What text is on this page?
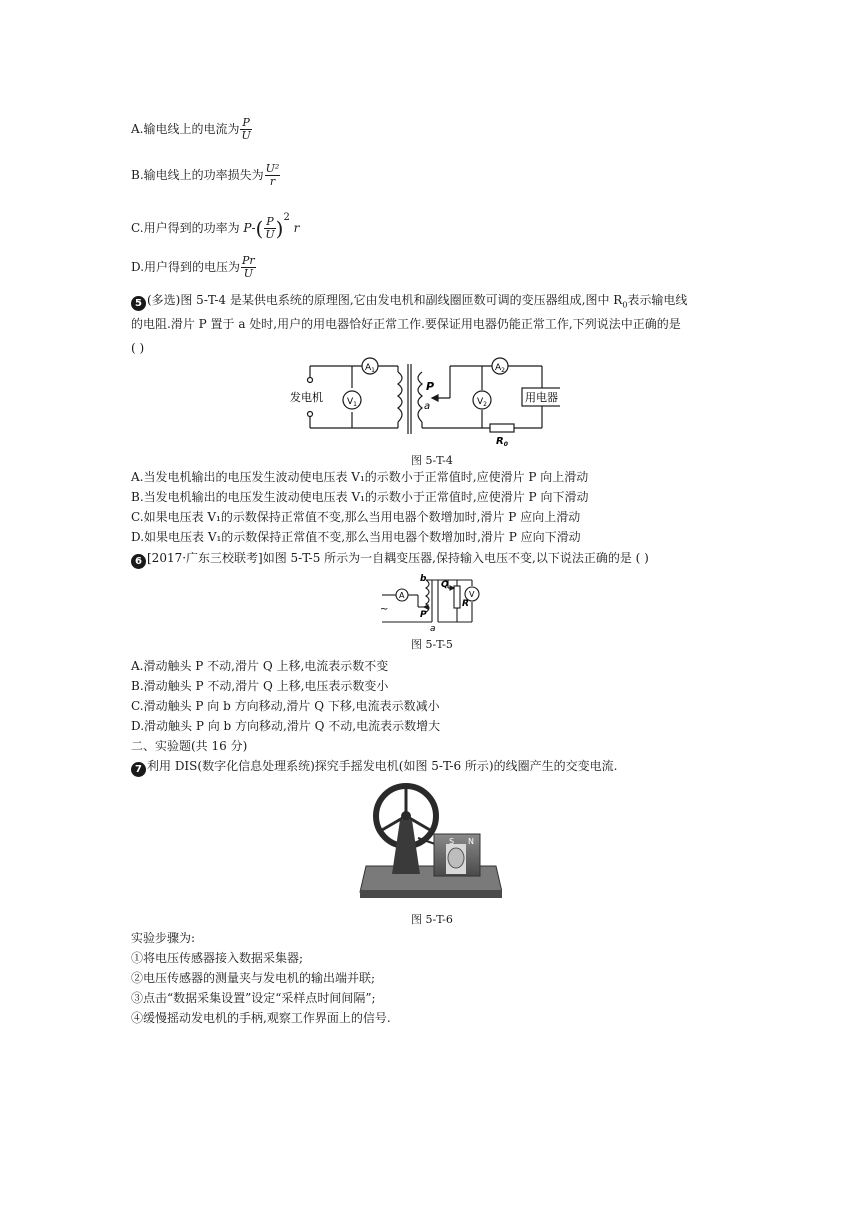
A.输电线上的电流为 $\frac{P}{U}$
B.输电线上的功率损失为 $\frac{\text{U²}}{r}$
C.用户得到的功率为 $P-( \frac{P}{U} )^2$ r
D.用户得到的电压为 $\frac{Pr}{U}$
5 (多选)图 5-T-4 是某供电系统的原理图,它由发电机和副线圈匝数可调的变压器组成,图中 $R_0$表示输电线
的电阻.滑片 P 置于 a 处时,用户的用电器恰好正常工作.要保证用电器仍能正常工作,下列说法中正确的是
( )
发电机
$A_1$
$V_1$
$A_2$
$V_2$
P
a
$R_0$
用电器
图 5-T-4
A.当发电机输出的电压发生波动使电压表 V₁的示数小于正常值时,应使滑片 P 向上滑动
B.当发电机输出的电压发生波动使电压表 V₁的示数小于正常值时,应使滑片 P 向下滑动
C.如果电压表 V₁的示数保持正常值不变,那么当用电器个数增加时,滑片 P 应向上滑动
D.如果电压表 V₁的示数保持正常值不变,那么当用电器个数增加时,滑片 P 应向下滑动
6 [2017·广东三校联考]如图 5-T-5 所示为一自耦变压器,保持输入电压不变,以下说法正确的是 ( )
A	V
~
b
P
a
Q
R
图 5-T-5
A.滑动触头 P 不动,滑片 Q 上移,电流表示数不变
B.滑动触头 P 不动,滑片 Q 上移,电压表示数变小
C.滑动触头 P 向 b 方向移动,滑片 Q 下移,电流表示数减小
D.滑动触头 P 向 b 方向移动,滑片 Q 不动,电流表示数增大
二、实验题(共 16 分)
7 利用 DIS(数字化信息处理系统)探究手摇发电机(如图 5-T-6 所示)的线圈产生的交变电流.
S N
图 5-T-6
实验步骤为:
①将电压传感器接入数据采集器;
②电压传感器的测量夹与发电机的输出端并联;
③点击“数据采集设置”设定“采样点时间间隔”;
④缓慢摇动发电机的手柄,观察工作界面上的信号.
